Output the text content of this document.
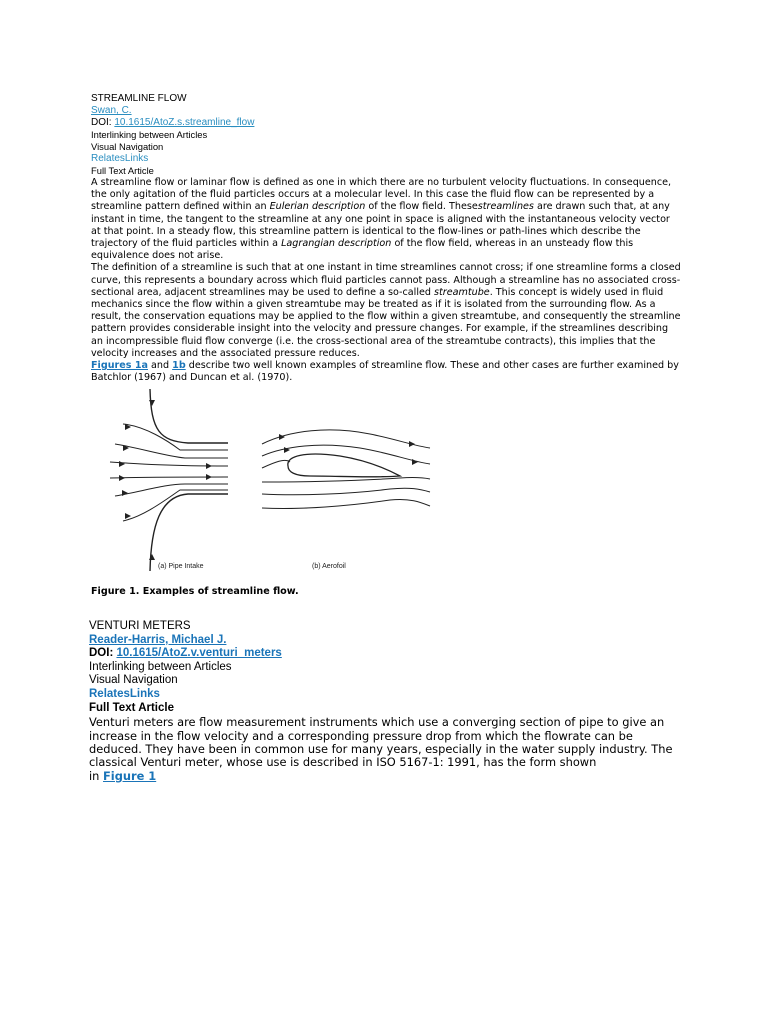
STREAMLINE FLOW
Swan, C.
DOI: 10.1615/AtoZ.s.streamline_flow
Interlinking between Articles
Visual Navigation
RelatesLinks
Full Text Article

A streamline flow or laminar flow is defined as one in which there are no turbulent velocity fluctuations. In consequence, the only agitation of the fluid particles occurs at a molecular level. In this case the fluid flow can be represented by a streamline pattern defined within an Eulerian description of the flow field. Thesestreamlines are drawn such that, at any instant in time, the tangent to the streamline at any one point in space is aligned with the instantaneous velocity vector at that point. In a steady flow, this streamline pattern is identical to the flow-lines or path-lines which describe the trajectory of the fluid particles within a Lagrangian description of the flow field, whereas in an unsteady flow this equivalence does not arise.

The definition of a streamline is such that at one instant in time streamlines cannot cross; if one streamline forms a closed curve, this represents a boundary across which fluid particles cannot pass. Although a streamline has no associated cross-sectional area, adjacent streamlines may be used to define a so-called streamtube. This concept is widely used in fluid mechanics since the flow within a given streamtube may be treated as if it is isolated from the surrounding flow. As a result, the conservation equations may be applied to the flow within a given streamtube, and consequently the streamline pattern provides considerable insight into the velocity and pressure changes. For example, if the streamlines describing an incompressible fluid flow converge (i.e. the cross-sectional area of the streamtube contracts), this implies that the velocity increases and the associated pressure reduces.

Figures 1a and 1b describe two well known examples of streamline flow. These and other cases are further examined by Batchlor (1967) and Duncan et al. (1970).

(a) Pipe Intake	(b) Aerofoil
Figure 1. Examples of streamline flow.
VENTURI METERS
Reader-Harris, Michael J.
DOI: 10.1615/AtoZ.v.venturi_meters
Interlinking between Articles
Visual Navigation
RelatesLinks
Full Text Article
Venturi meters are flow measurement instruments which use a converging section of pipe to give an increase in the flow velocity and a corresponding pressure drop from which the flowrate can be deduced. They have been in common use for many years, especially in the water supply industry. The classical Venturi meter, whose use is described in ISO 5167-1: 1991, has the form shown
in Figure 1
